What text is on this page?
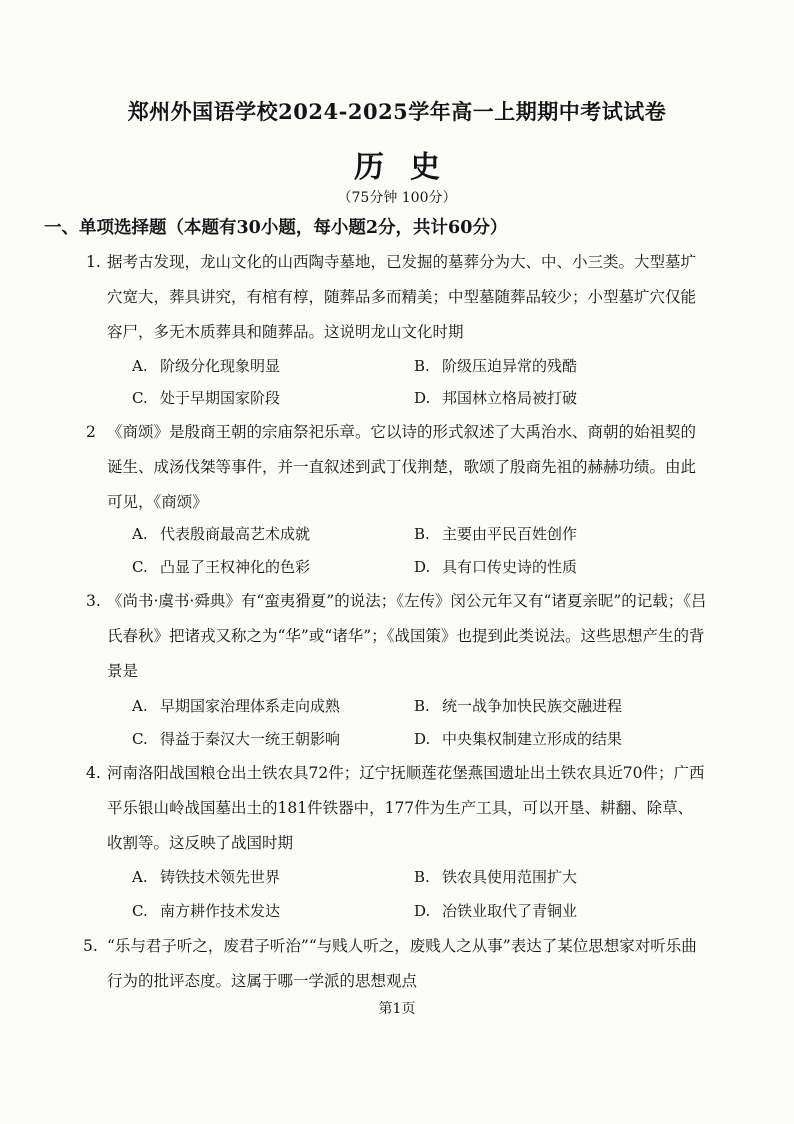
郑州外国语学校2024-2025学年高一上期期中考试试卷
历史
（75分钟 100分）
一、单项选择题（本题有30小题，每小题2分，共计60分）
1. 据考古发现，龙山文化的山西陶寺墓地，已发掘的墓葬分为大、中、小三类。大型墓圹穴宽大，葬具讲究，有棺有椁，随葬品多而精美；中型墓随葬品较少；小型墓圹穴仅能容尸，多无木质葬具和随葬品。这说明龙山文化时期
A. 阶级分化现象明显	B. 阶级压迫异常的残酷
C. 处于早期国家阶段	D. 邦国林立格局被打破
2 《商颂》是殷商王朝的宗庙祭祀乐章。它以诗的形式叙述了大禹治水、商朝的始祖契的诞生、成汤伐桀等事件，并一直叙述到武丁伐荆楚，歌颂了殷商先祖的赫赫功绩。由此可见，《商颂》
A. 代表殷商最高艺术成就	B. 主要由平民百姓创作
C. 凸显了王权神化的色彩	D. 具有口传史诗的性质
3. 《尚书·虞书·舜典》有“蛮夷猾夏”的说法；《左传》闵公元年又有“诸夏亲昵”的记载；《吕氏春秋》把诸戎又称之为“华”或“诸华”；《战国策》也提到此类说法。这些思想产生的背景是
A. 早期国家治理体系走向成熟	B. 统一战争加快民族交融进程
C. 得益于秦汉大一统王朝影响	D. 中央集权制建立形成的结果
4. 河南洛阳战国粮仓出土铁农具72件；辽宁抚顺莲花堡燕国遗址出土铁农具近70件；广西平乐银山岭战国墓出土的181件铁器中，177件为生产工具，可以开垦、耕翻、除草、收割等。这反映了战国时期
A. 铸铁技术领先世界	B. 铁农具使用范围扩大
C. 南方耕作技术发达	D. 冶铁业取代了青铜业
5. “乐与君子听之，废君子听治”“与贱人听之，废贱人之从事”表达了某位思想家对听乐曲行为的批评态度。这属于哪一学派的思想观点
第1页
